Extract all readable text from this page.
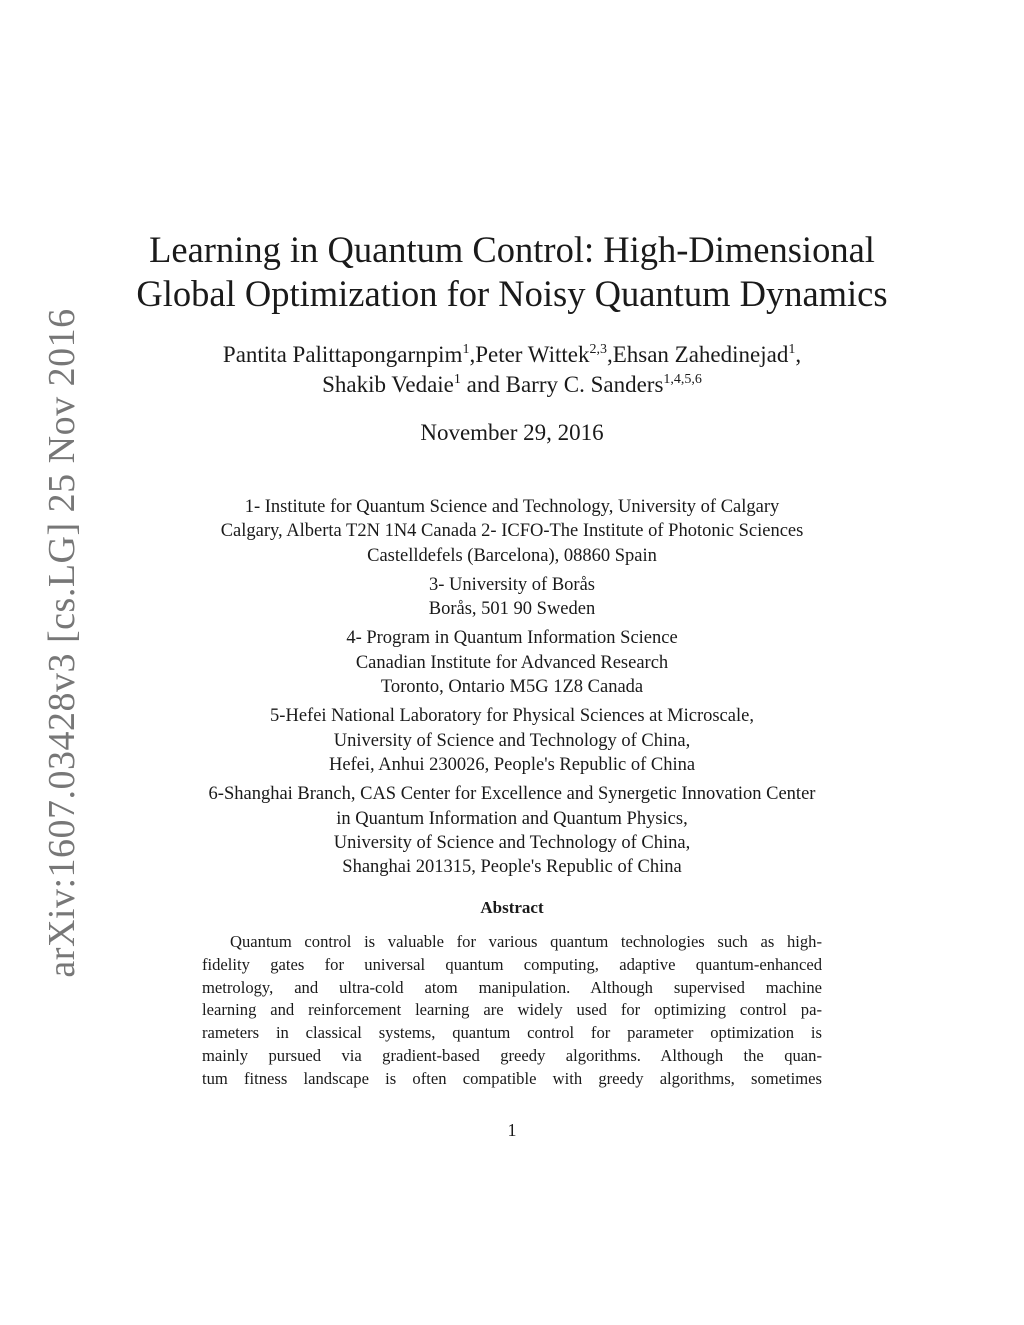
arXiv:1607.03428v3 [cs.LG] 25 Nov 2016
Learning in Quantum Control: High-Dimensional
Global Optimization for Noisy Quantum Dynamics
Pantita Palittapongarnpim$^1$,Peter Wittek$^{2,3}$,Ehsan Zahedinejad$^1$,
Shakib Vedaie$^1$ and Barry C. Sanders$^{1,4,5,6}$
November 29, 2016
1- Institute for Quantum Science and Technology, University of Calgary
Calgary, Alberta T2N 1N4 Canada 2- ICFO-The Institute of Photonic Sciences
Castelldefels (Barcelona), 08860 Spain
3- University of Borås
Borås, 501 90 Sweden
4- Program in Quantum Information Science
Canadian Institute for Advanced Research
Toronto, Ontario M5G 1Z8 Canada
5-Hefei National Laboratory for Physical Sciences at Microscale,
University of Science and Technology of China,
Hefei, Anhui 230026, People's Republic of China
6-Shanghai Branch, CAS Center for Excellence and Synergetic Innovation Center
in Quantum Information and Quantum Physics,
University of Science and Technology of China,
Shanghai 201315, People's Republic of China
Abstract
Quantum control is valuable for various quantum technologies such as high-
fidelity gates for universal quantum computing, adaptive quantum-enhanced
metrology, and ultra-cold atom manipulation. Although supervised machine
learning and reinforcement learning are widely used for optimizing control pa-
rameters in classical systems, quantum control for parameter optimization is
mainly pursued via gradient-based greedy algorithms. Although the quan-
tum fitness landscape is often compatible with greedy algorithms, sometimes
1
